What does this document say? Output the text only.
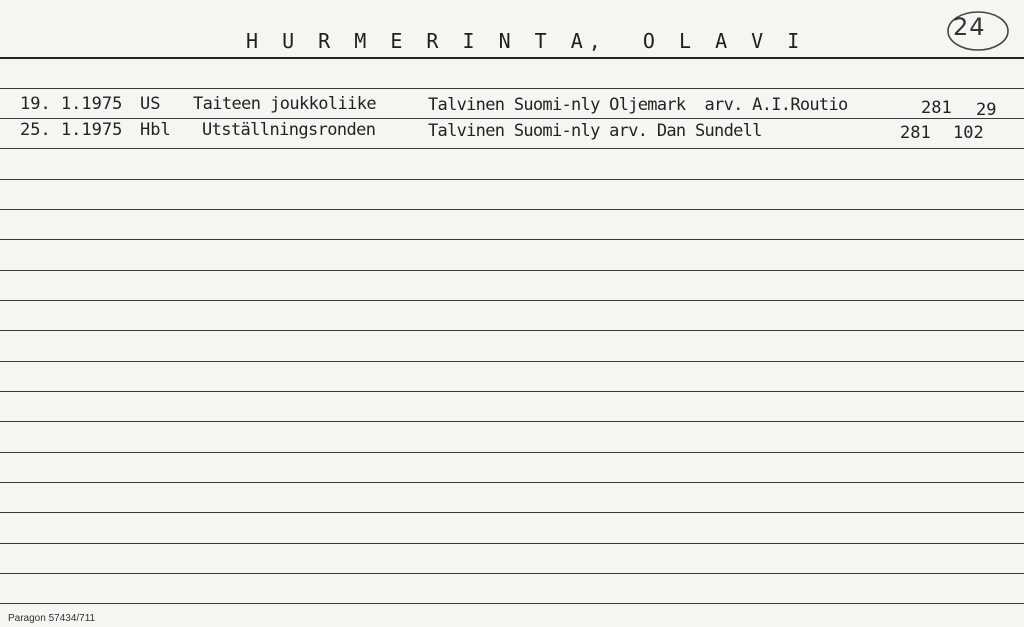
H U R M E R I N T A,  O L A V I	24
19. 1.1975 US Taiteen joukkoliike	Talvinen Suomi-nly Oljemark  arv. A.I.Routio	281 29
25. 1.1975 Hbl Utställningsronden	Talvinen Suomi-nly arv. Dan Sundell	281 102
Paragon 57434/711
